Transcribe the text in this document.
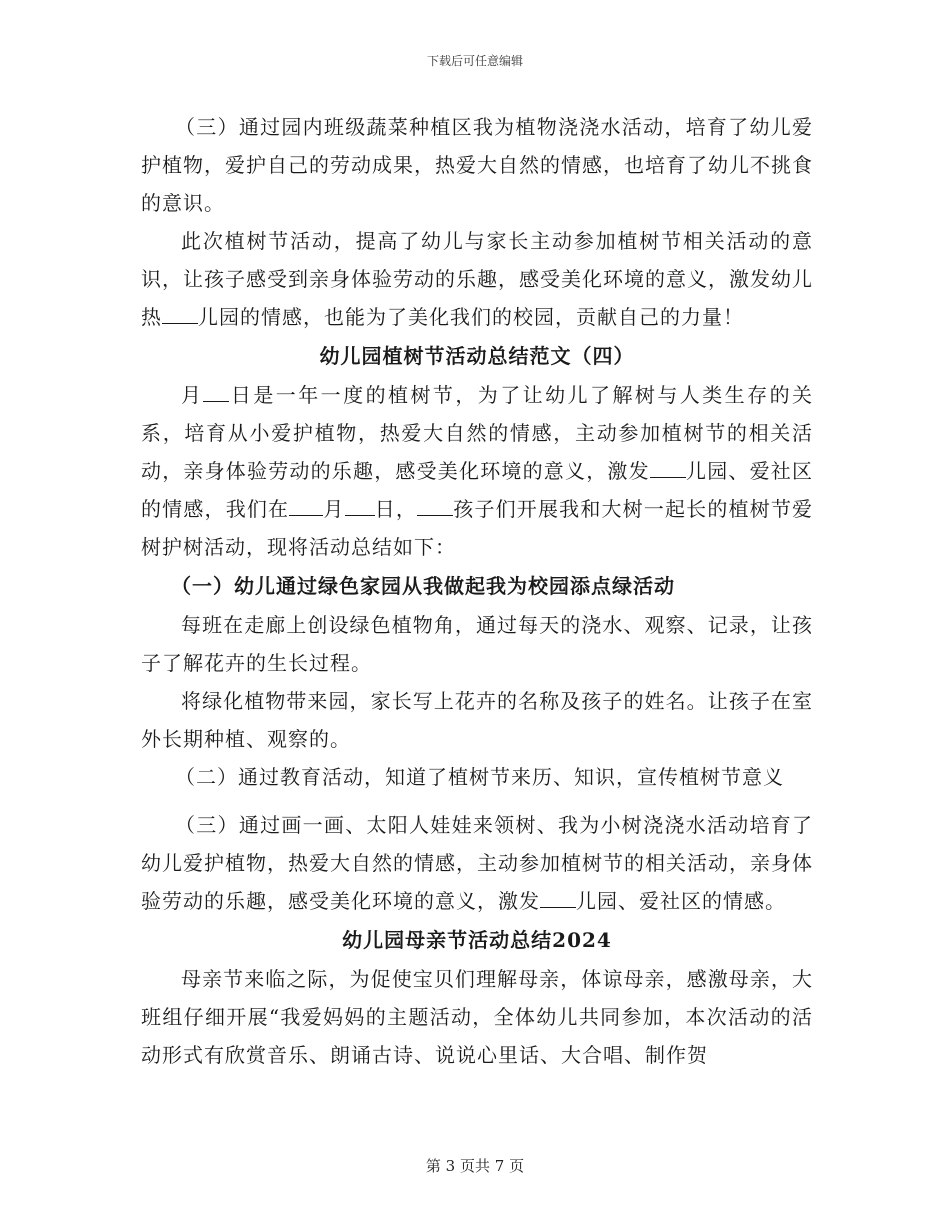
下载后可任意编辑

（三）通过园内班级蔬菜种植区我为植物浇浇水活动，培育了幼儿爱护植物，爱护自己的劳动成果，热爱大自然的情感，也培育了幼儿不挑食的意识。

此次植树节活动，提高了幼儿与家长主动参加植树节相关活动的意识，让孩子感受到亲身体验劳动的乐趣，感受美化环境的意义，激发幼儿热 儿园的情感，也能为了美化我们的校园，贡献自己的力量！

幼儿园植树节活动总结范文（四）

月 日是一年一度的植树节，为了让幼儿了解树与人类生存的关系，培育从小爱护植物，热爱大自然的情感，主动参加植树节的相关活动，亲身体验劳动的乐趣，感受美化环境的意义，激发 儿园、爱社区的情感，我们在 月 日， 孩子们开展我和大树一起长的植树节爱树护树活动，现将活动总结如下：

（一）幼儿通过绿色家园从我做起我为校园添点绿活动

每班在走廊上创设绿色植物角，通过每天的浇水、观察、记录，让孩子了解花卉的生长过程。

将绿化植物带来园，家长写上花卉的名称及孩子的姓名。让孩子在室外长期种植、观察的。

（二）通过教育活动，知道了植树节来历、知识，宣传植树节意义

（三）通过画一画、太阳人娃娃来领树、我为小树浇浇水活动培育了幼儿爱护植物，热爱大自然的情感，主动参加植树节的相关活动，亲身体验劳动的乐趣，感受美化环境的意义，激发 儿园、爱社区的情感。

幼儿园母亲节活动总结2024

母亲节来临之际，为促使宝贝们理解母亲，体谅母亲，感激母亲，大班组仔细开展“我爱妈妈的主题活动，全体幼儿共同参加，本次活动的活动形式有欣赏音乐、朗诵古诗、说说心里话、大合唱、制作贺

第 3 页共 7 页
